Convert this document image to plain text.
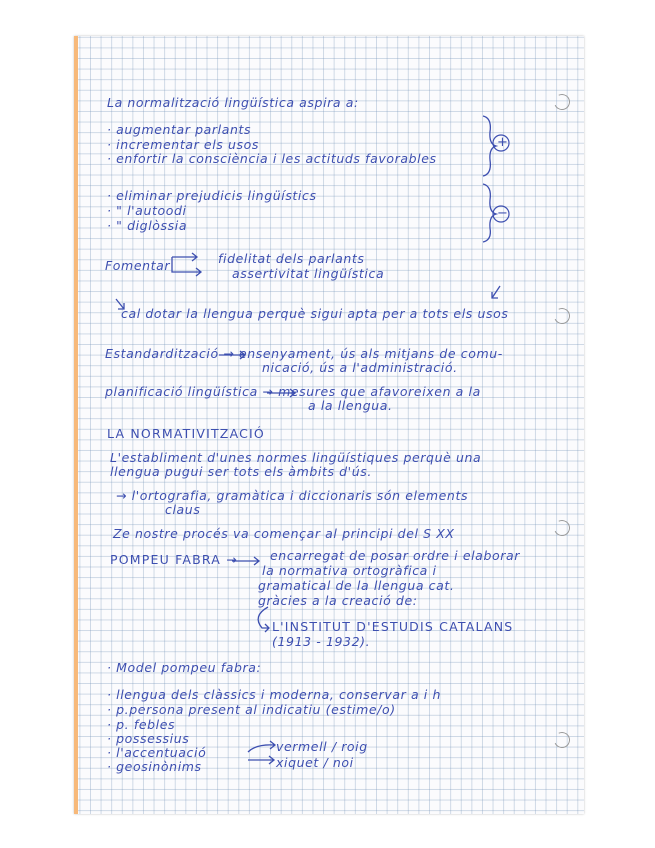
La normalització lingüística aspira a:
· augmentar parlants
· incrementar els usos
· enfortir la consciència i les actituds favorables
+
· eliminar prejudicis lingüístics
· " l'autoodi
· " diglòssia
−
Fomentar	fidelitat dels parlants
assertivitat lingüística
cal dotar la llengua perquè sigui apta per a tots els usos
Estandardització → ensenyament, ús als mitjans de comu-
nicació, ús a l'administració.
planificació lingüística → mesures que afavoreixen a la
a la llengua.
LA NORMATIVITZACIÓ
L'establiment d'unes normes lingüístiques perquè una
llengua pugui ser tots els àmbits d'ús.
→ l'ortografia, gramàtica i diccionaris són elements
claus
Ze nostre procés va començar al principi del S XX
POMPEU FABRA →	encarregat de posar ordre i elaborar
la normativa ortogràfica i
gramatical de la llengua cat.
gràcies a la creació de:
L'INSTITUT D'ESTUDIS CATALANS
(1913 - 1932).
· Model pompeu fabra:
· llengua dels clàssics i moderna, conservar a i h
· p.persona present al indicatiu (estime/o)
· p. febles
· possessius
· l'accentuació
· geosinònims
vermell / roig
xiquet / noi
